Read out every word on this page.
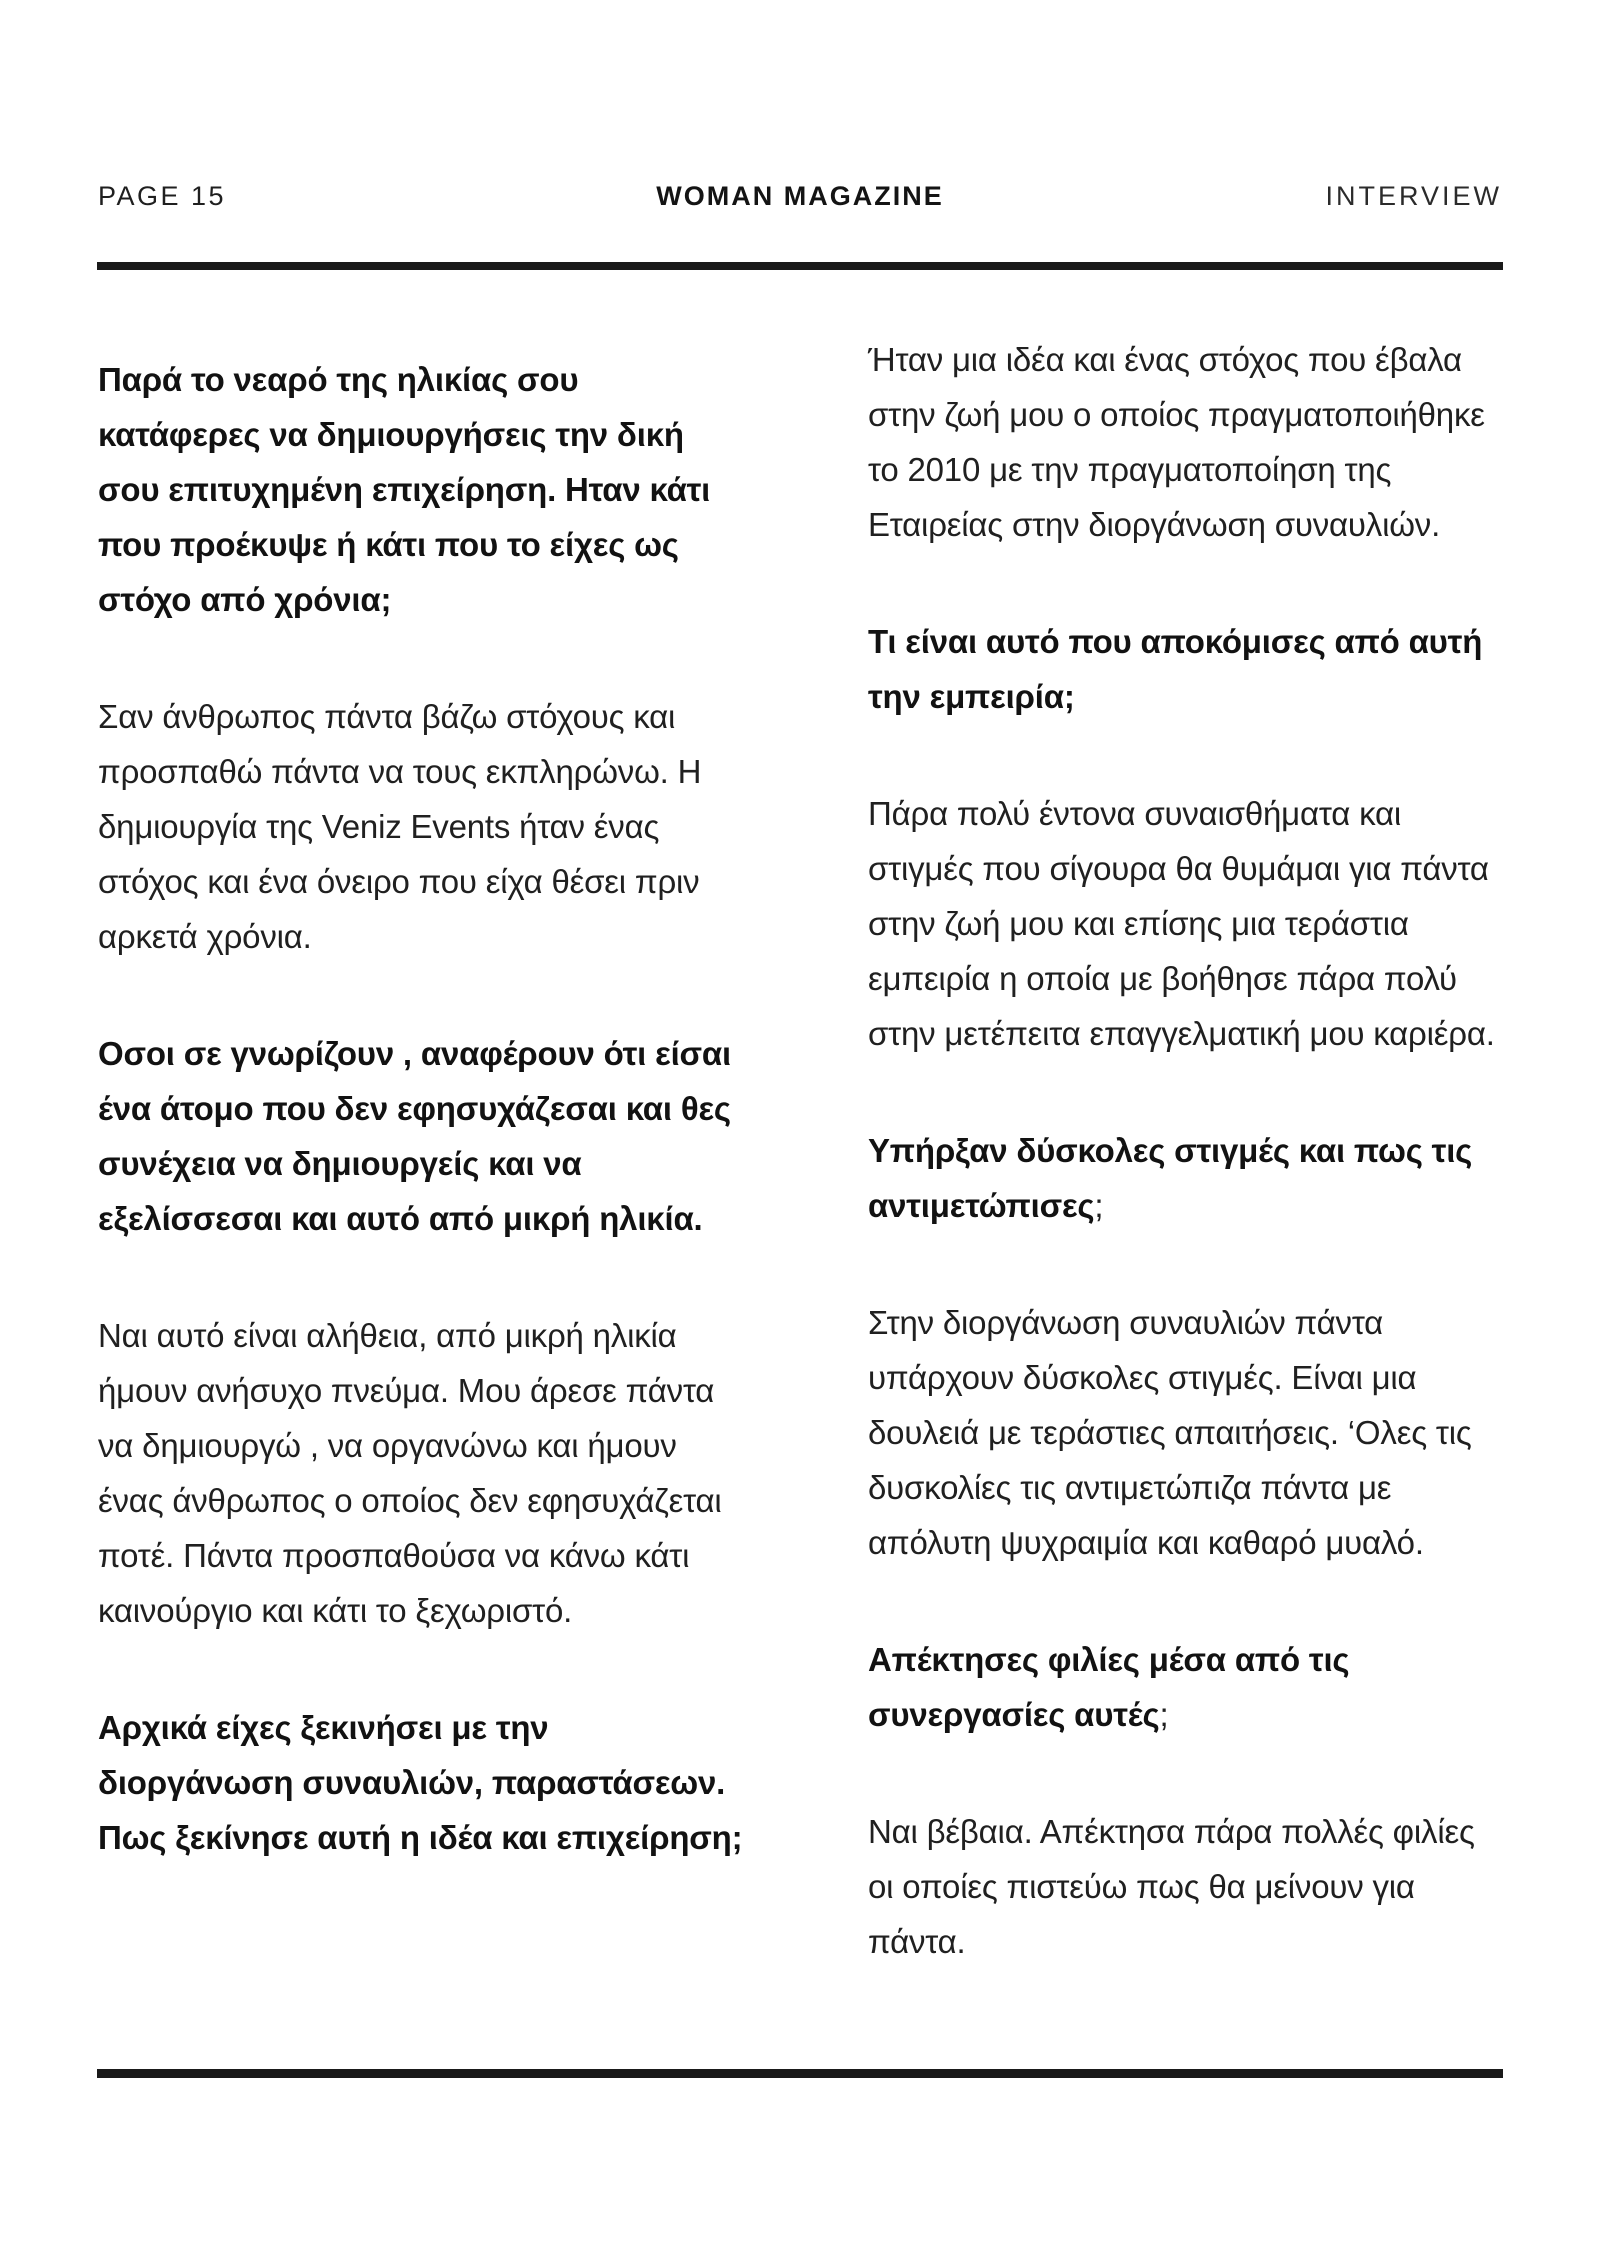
PAGE 15	WOMAN MAGAZINE	INTERVIEW

Παρά το νεαρό της ηλικίας σου κατάφερες να δημιουργήσεις την δική σου επιτυχημένη επιχείρηση. Ηταν κάτι που προέκυψε ή κάτι που το είχες ως στόχο από χρόνια;

Σαν άνθρωπος πάντα βάζω στόχους και προσπαθώ πάντα να τους εκπληρώνω. Η δημιουργία της Veniz Events ήταν ένας στόχος και ένα όνειρο που είχα θέσει πριν αρκετά χρόνια.

Οσοι σε γνωρίζουν , αναφέρουν ότι είσαι ένα άτομο που δεν εφησυχάζεσαι και θες συνέχεια να δημιουργείς και να εξελίσσεσαι και αυτό από μικρή ηλικία.

Ναι αυτό είναι αλήθεια, από μικρή ηλικία ήμουν ανήσυχο πνεύμα. Μου άρεσε πάντα να δημιουργώ , να οργανώνω και ήμουν ένας άνθρωπος ο οποίος δεν εφησυχάζεται ποτέ. Πάντα προσπαθούσα να κάνω κάτι καινούργιο και κάτι το ξεχωριστό.

Αρχικά είχες ξεκινήσει με την διοργάνωση συναυλιών, παραστάσεων. Πως ξεκίνησε αυτή η ιδέα και επιχείρηση;

Ήταν μια ιδέα και ένας στόχος που έβαλα στην ζωή μου ο οποίος πραγματοποιήθηκε το 2010 με την πραγματοποίηση της Εταιρείας στην διοργάνωση συναυλιών.

Τι είναι αυτό που αποκόμισες από αυτή την εμπειρία;

Πάρα πολύ έντονα συναισθήματα και στιγμές που σίγουρα θα θυμάμαι για πάντα στην ζωή μου και επίσης μια τεράστια εμπειρία η οποία με βοήθησε πάρα πολύ στην μετέπειτα επαγγελματική μου καριέρα.

Υπήρξαν δύσκολες στιγμές και πως τις αντιμετώπισες;

Στην διοργάνωση συναυλιών πάντα υπάρχουν δύσκολες στιγμές. Είναι μια δουλειά με τεράστιες απαιτήσεις. ‘Ολες τις δυσκολίες τις αντιμετώπιζα πάντα με απόλυτη ψυχραιμία και καθαρό μυαλό.

Απέκτησες φιλίες μέσα από τις συνεργασίες αυτές;

Ναι βέβαια. Απέκτησα πάρα πολλές φιλίες οι οποίες πιστεύω πως θα μείνουν για πάντα.
